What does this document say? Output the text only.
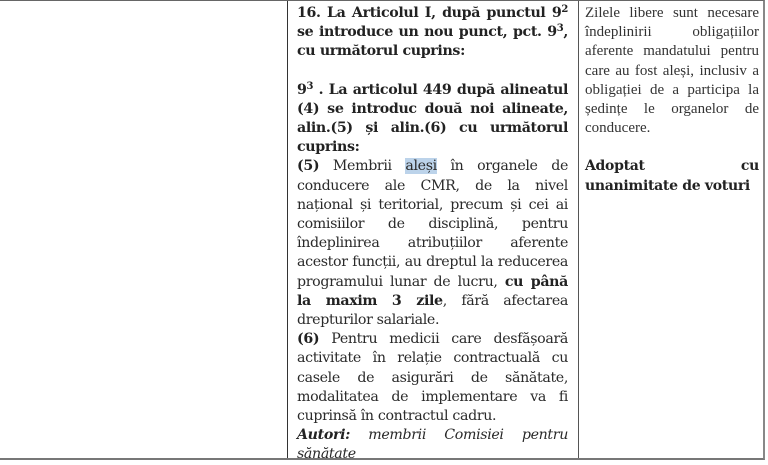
16. La Articolul I, după punctul $9^2$ se introduce un nou punct, pct. $9^3$, cu următorul cuprins:

$9^3$ . La articolul 449 după alineatul (4) se introduc două noi alineate, alin.(5) și alin.(6) cu următorul cuprins:

(5) Membrii aleși în organele de conducere ale CMR, de la nivel național și teritorial, precum și cei ai comisiilor de disciplină, pentru îndeplinirea atribuțiilor aferente acestor funcții, au dreptul la reducerea programului lunar de lucru, cu până la maxim 3 zile, fără afectarea drepturilor salariale.

(6) Pentru medicii care desfășoară activitate în relație contractuală cu casele de asigurări de sănătate, modalitatea de implementare va fi cuprinsă în contractul cadru.

Autori: membrii Comisiei pentru sănătate

Zilele libere sunt necesare îndeplinirii obligațiilor aferente mandatului pentru care au fost aleși, inclusiv a obligației de a participa la ședințe le organelor de conducere.

Adoptat cu unanimitate de voturi
